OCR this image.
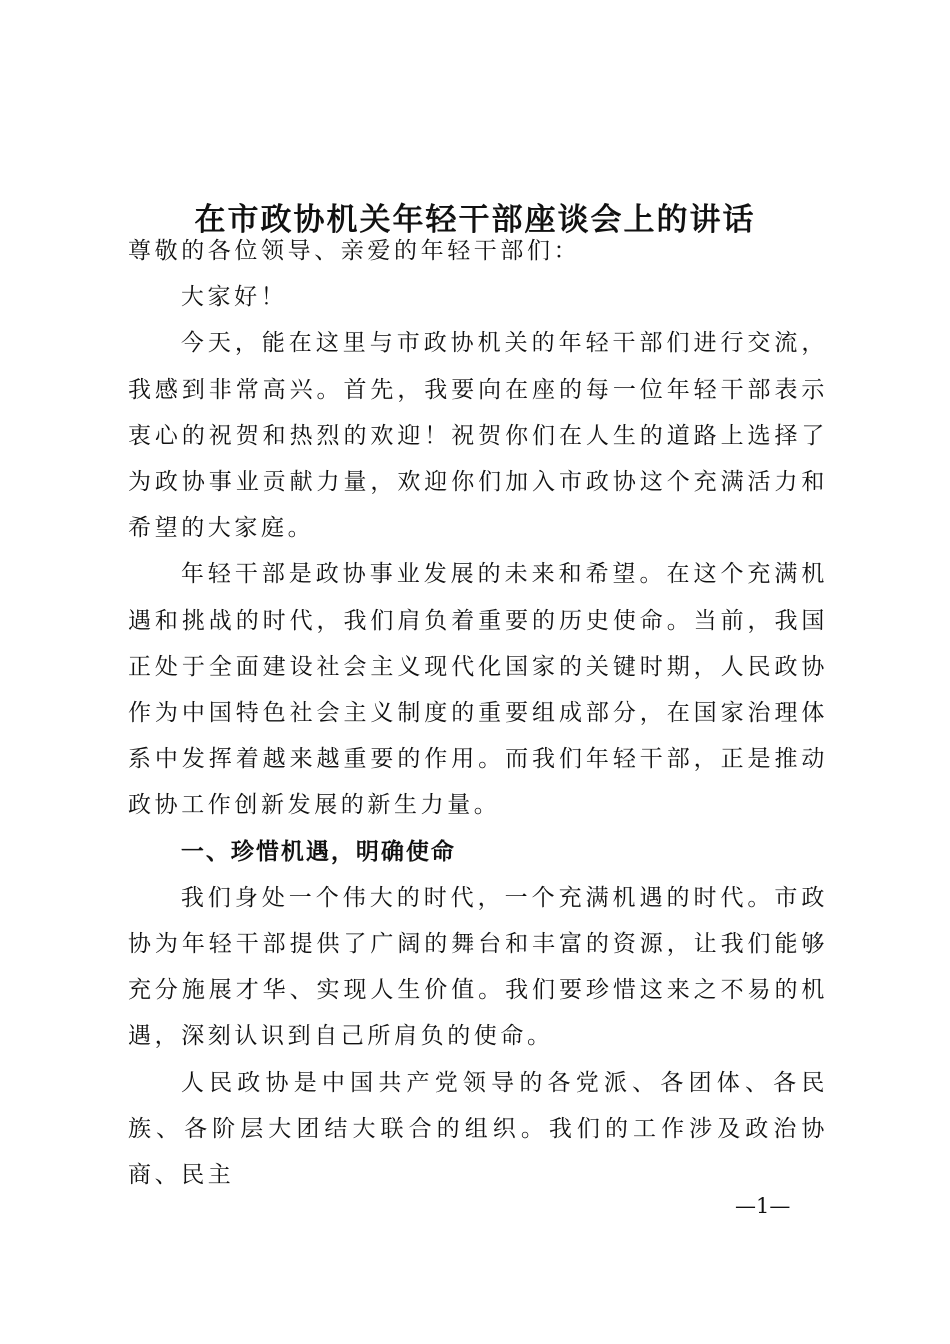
在市政协机关年轻干部座谈会上的讲话

尊敬的各位领导、亲爱的年轻干部们：

大家好！

今天，能在这里与市政协机关的年轻干部们进行交流，我感到非常高兴。首先，我要向在座的每一位年轻干部表示衷心的祝贺和热烈的欢迎！祝贺你们在人生的道路上选择了为政协事业贡献力量，欢迎你们加入市政协这个充满活力和希望的大家庭。

年轻干部是政协事业发展的未来和希望。在这个充满机遇和挑战的时代，我们肩负着重要的历史使命。当前，我国正处于全面建设社会主义现代化国家的关键时期，人民政协作为中国特色社会主义制度的重要组成部分，在国家治理体系中发挥着越来越重要的作用。而我们年轻干部，正是推动政协工作创新发展的新生力量。

一、珍惜机遇，明确使命

我们身处一个伟大的时代，一个充满机遇的时代。市政协为年轻干部提供了广阔的舞台和丰富的资源，让我们能够充分施展才华、实现人生价值。我们要珍惜这来之不易的机遇，深刻认识到自己所肩负的使命。

人民政协是中国共产党领导的各党派、各团体、各民族、各阶层大团结大联合的组织。我们的工作涉及政治协商、民主

—1—
